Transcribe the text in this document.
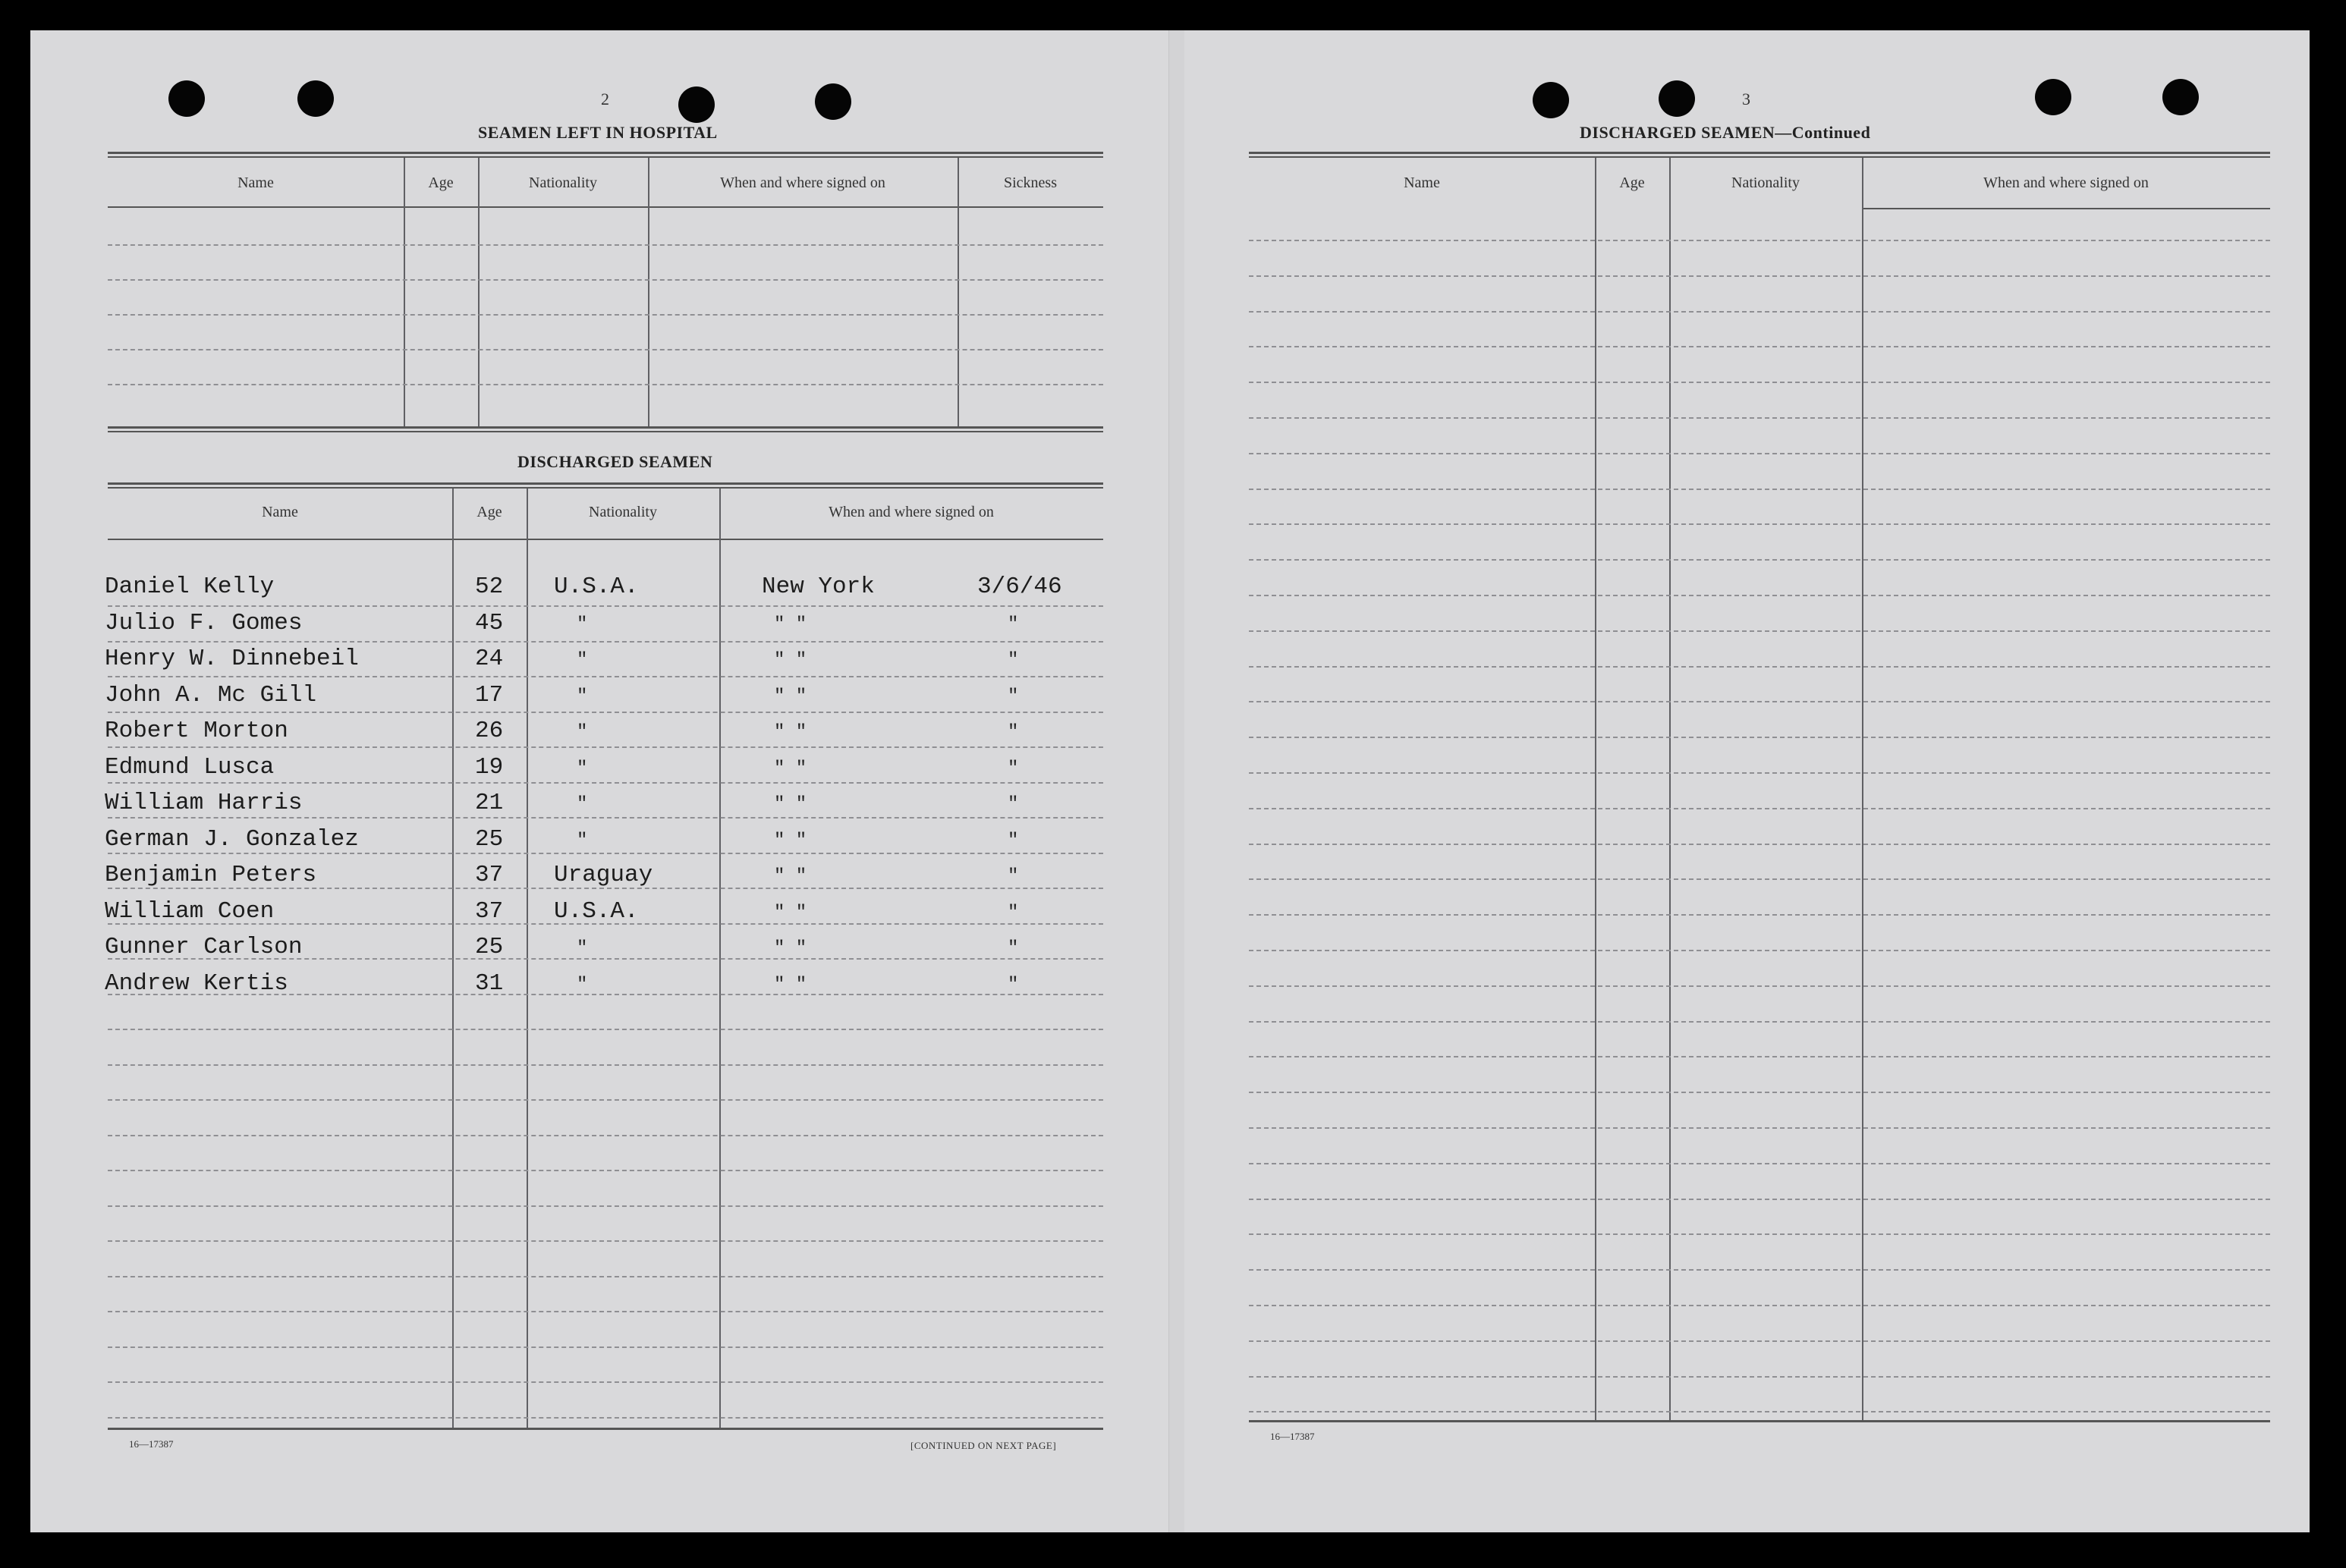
2
SEAMEN LEFT IN HOSPITAL
Name	Age	Nationality	When and where signed on	Sickness
DISCHARGED SEAMEN
Name	Age	Nationality	When and where signed on
Daniel Kelly	52 U.S.A.	New York	3/6/46
Julio F. Gomes	45	"	" "	"
Henry W. Dinnebeil	24	"	" "	"
John A. Mc Gill	17	"	" "	"
Robert Morton	26	"	" "	"
Edmund Lusca	19	"	" "	"
William Harris	21	"	" "	"
German J. Gonzalez	25	"	" "	"
Benjamin Peters	37 Uraguay	" "	"
William Coen	37 U.S.A.	" "	"
Gunner Carlson	25	"	" "	"
Andrew Kertis	31	"	" "	"
16—17387	[CONTINUED ON NEXT PAGE]
3
DISCHARGED SEAMEN—Continued
Name	Age	Nationality	When and where signed on
16—17387
